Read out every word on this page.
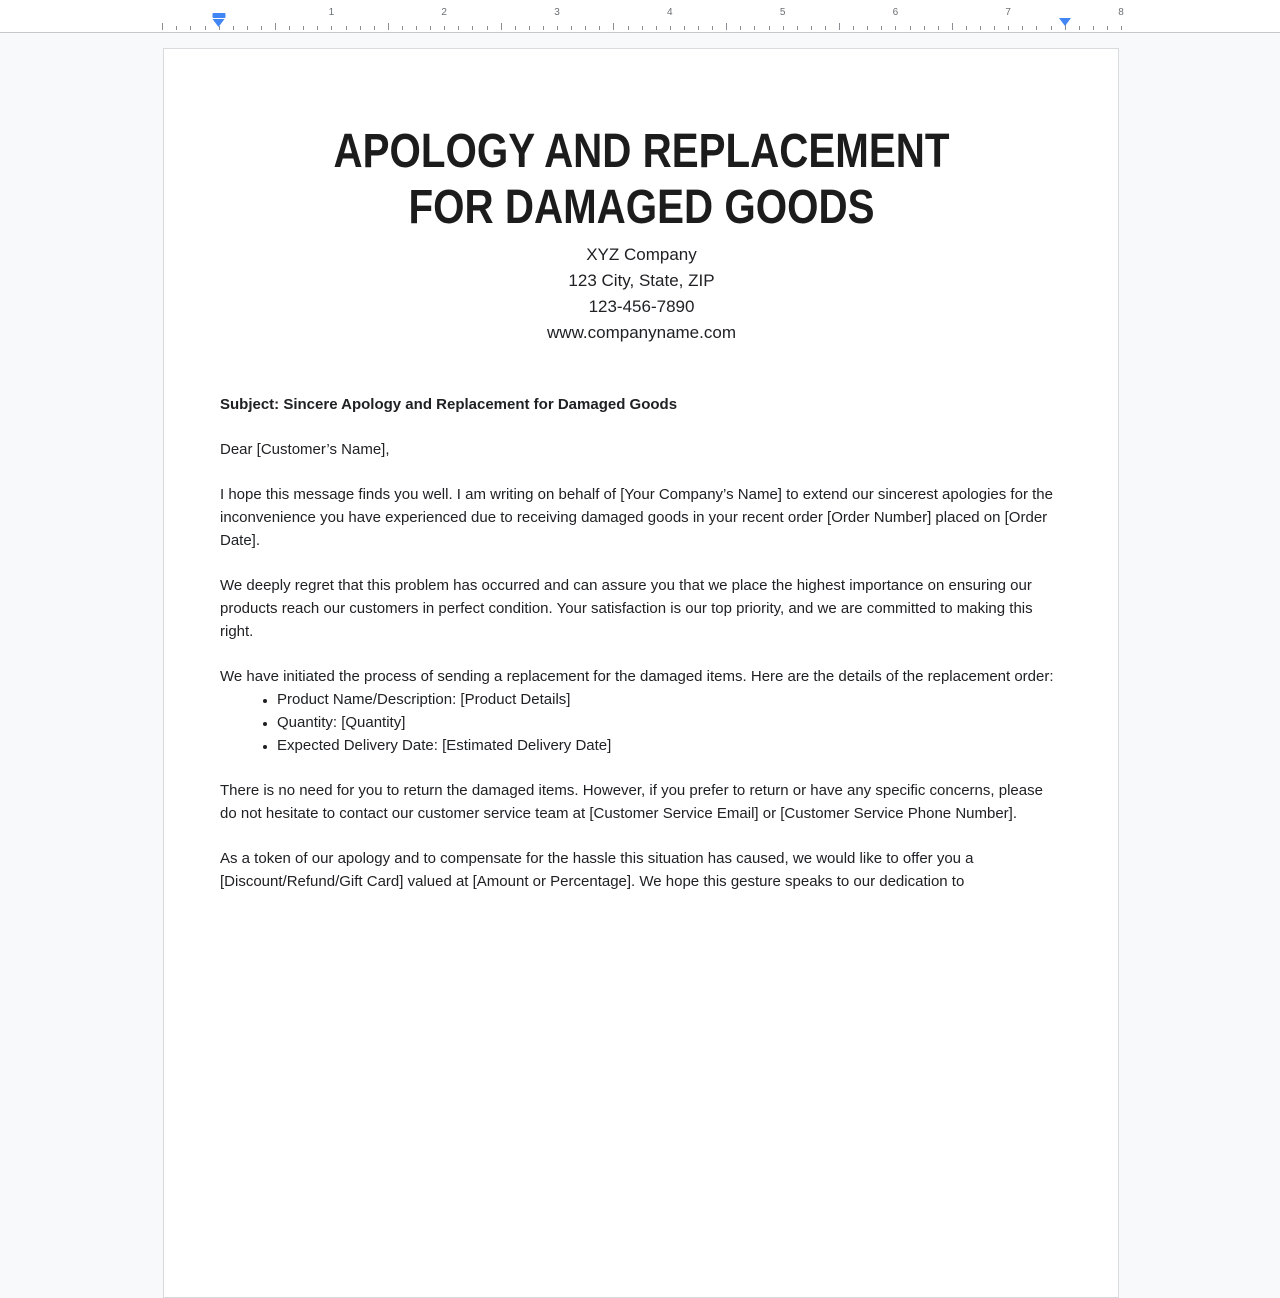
1	2	3	4	5	6	7	8
APOLOGY AND REPLACEMENT
FOR DAMAGED GOODS
XYZ Company
123 City, State, ZIP
123-456-7890
www.companyname.com
Subject: Sincere Apology and Replacement for Damaged Goods

Dear [Customer’s Name],

I hope this message finds you well. I am writing on behalf of [Your Company’s Name] to extend our sincerest apologies for the inconvenience you have experienced due to receiving damaged goods in your recent order [Order Number] placed on [Order Date].

We deeply regret that this problem has occurred and can assure you that we place the highest importance on ensuring our products reach our customers in perfect condition. Your satisfaction is our top priority, and we are committed to making this right.

We have initiated the process of sending a replacement for the damaged items. Here are the details of the replacement order:

• Product Name/Description: [Product Details]
• Quantity: [Quantity]
• Expected Delivery Date: [Estimated Delivery Date]

There is no need for you to return the damaged items. However, if you prefer to return or have any specific concerns, please do not hesitate to contact our customer service team at [Customer Service Email] or [Customer Service Phone Number].

As a token of our apology and to compensate for the hassle this situation has caused, we would like to offer you a [Discount/Refund/Gift Card] valued at [Amount or Percentage]. We hope this gesture speaks to our dedication to
